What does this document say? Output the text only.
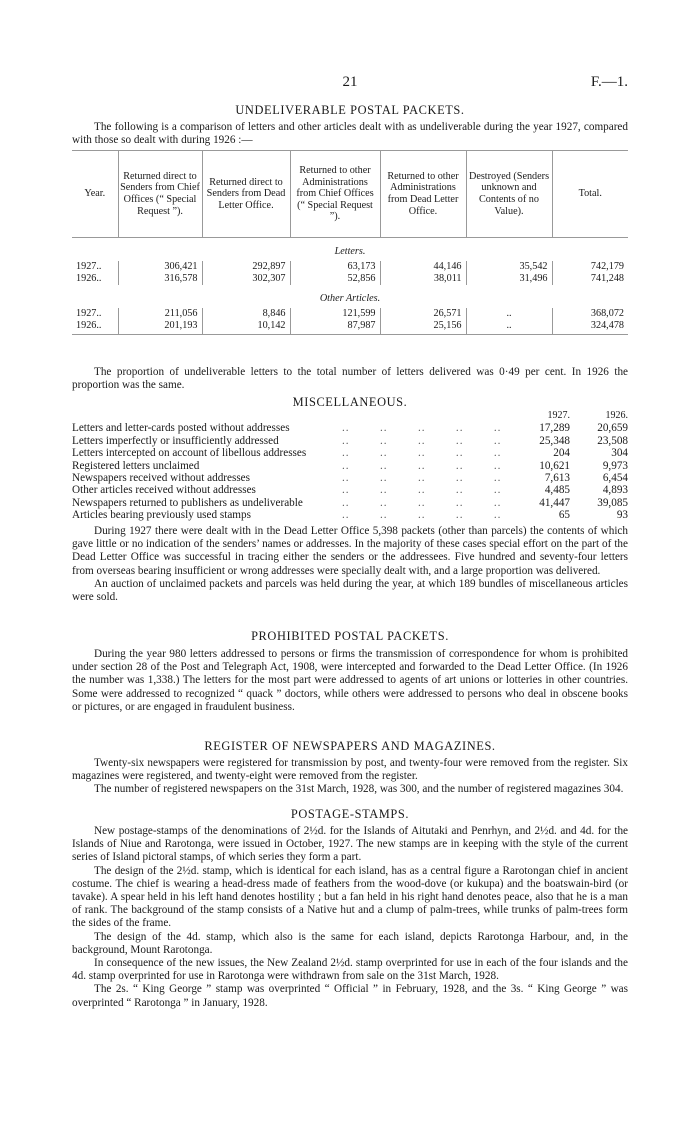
21	F.—1.
UNDELIVERABLE POSTAL PACKETS.

The following is a comparison of letters and other articles dealt with as undeliverable during the year 1927, compared with those so dealt with during 1926 :—

Year.	Returned direct to Senders from Chief Offices (“ Special Request ”).	Returned direct to Senders from Dead Letter Office.	Returned to other Administrations from Chief Offices (“ Special Request ”).	Returned to other Administrations from Dead Letter Office.	Destroyed (Senders unknown and Contents of no Value).	Total.
Letters.						

1927..	306,421	292,897	63,173	44,146	35,542	742,179
1926..	316,578	302,307	52,856	38,011	31,496	741,248
Other Articles.						

1927..	211,056	8,846	121,599	26,571	..	368,072
1926..	201,193	10,142	87,987	25,156	..	324,478

The proportion of undeliverable letters to the total number of letters delivered was 0·49 per cent. In 1926 the proportion was the same.

MISCELLANEOUS.
1927.	1926.
Letters and letter-cards posted without addresses	..        ..        ..        ..        ..	17,289	20,659
Letters imperfectly or insufficiently addressed	..        ..        ..        ..        ..	25,348	23,508
Letters intercepted on account of libellous addresses	..        ..        ..        ..        ..	204	304
Registered letters unclaimed	..        ..        ..        ..        ..	10,621	9,973
Newspapers received without addresses	..        ..        ..        ..        ..	7,613	6,454
Other articles received without addresses	..        ..        ..        ..        ..	4,485	4,893
Newspapers returned to publishers as undeliverable	..        ..        ..        ..        ..	41,447	39,085
Articles bearing previously used stamps	..        ..        ..        ..        ..	65	93

During 1927 there were dealt with in the Dead Letter Office 5,398 packets (other than parcels) the contents of which gave little or no indication of the senders’ names or addresses. In the majority of these cases special effort on the part of the Dead Letter Office was successful in tracing either the senders or the addressees. Five hundred and seventy-four letters from overseas bearing insufficient or wrong addresses were specially dealt with, and a large proportion was delivered.

An auction of unclaimed packets and parcels was held during the year, at which 189 bundles of miscellaneous articles were sold.

PROHIBITED POSTAL PACKETS.

During the year 980 letters addressed to persons or firms the transmission of correspondence for whom is prohibited under section 28 of the Post and Telegraph Act, 1908, were intercepted and forwarded to the Dead Letter Office. (In 1926 the number was 1,338.) The letters for the most part were addressed to agents of art unions or lotteries in other countries. Some were addressed to recognized “ quack ” doctors, while others were addressed to persons who deal in obscene books or pictures, or are engaged in fraudulent business.

REGISTER OF NEWSPAPERS AND MAGAZINES.

Twenty-six newspapers were registered for transmission by post, and twenty-four were removed from the register. Six magazines were registered, and twenty-eight were removed from the register.

The number of registered newspapers on the 31st March, 1928, was 300, and the number of registered magazines 304.

POSTAGE-STAMPS.

New postage-stamps of the denominations of 2½d. for the Islands of Aitutaki and Penrhyn, and 2½d. and 4d. for the Islands of Niue and Rarotonga, were issued in October, 1927. The new stamps are in keeping with the style of the current series of Island pictoral stamps, of which series they form a part.

The design of the 2½d. stamp, which is identical for each island, has as a central figure a Rarotongan chief in ancient costume. The chief is wearing a head-dress made of feathers from the wood-dove (or kukupa) and the boatswain-bird (or tavake). A spear held in his left hand denotes hostility ; but a fan held in his right hand denotes peace, also that he is a man of rank. The background of the stamp consists of a Native hut and a clump of palm-trees, while trunks of palm-trees form the sides of the frame.

The design of the 4d. stamp, which also is the same for each island, depicts Rarotonga Harbour, and, in the background, Mount Rarotonga.

In consequence of the new issues, the New Zealand 2½d. stamp overprinted for use in each of the four islands and the 4d. stamp overprinted for use in Rarotonga were withdrawn from sale on the 31st March, 1928.

The 2s. “ King George ” stamp was overprinted “ Official ” in February, 1928, and the 3s. “ King George ” was overprinted “ Rarotonga ” in January, 1928.
